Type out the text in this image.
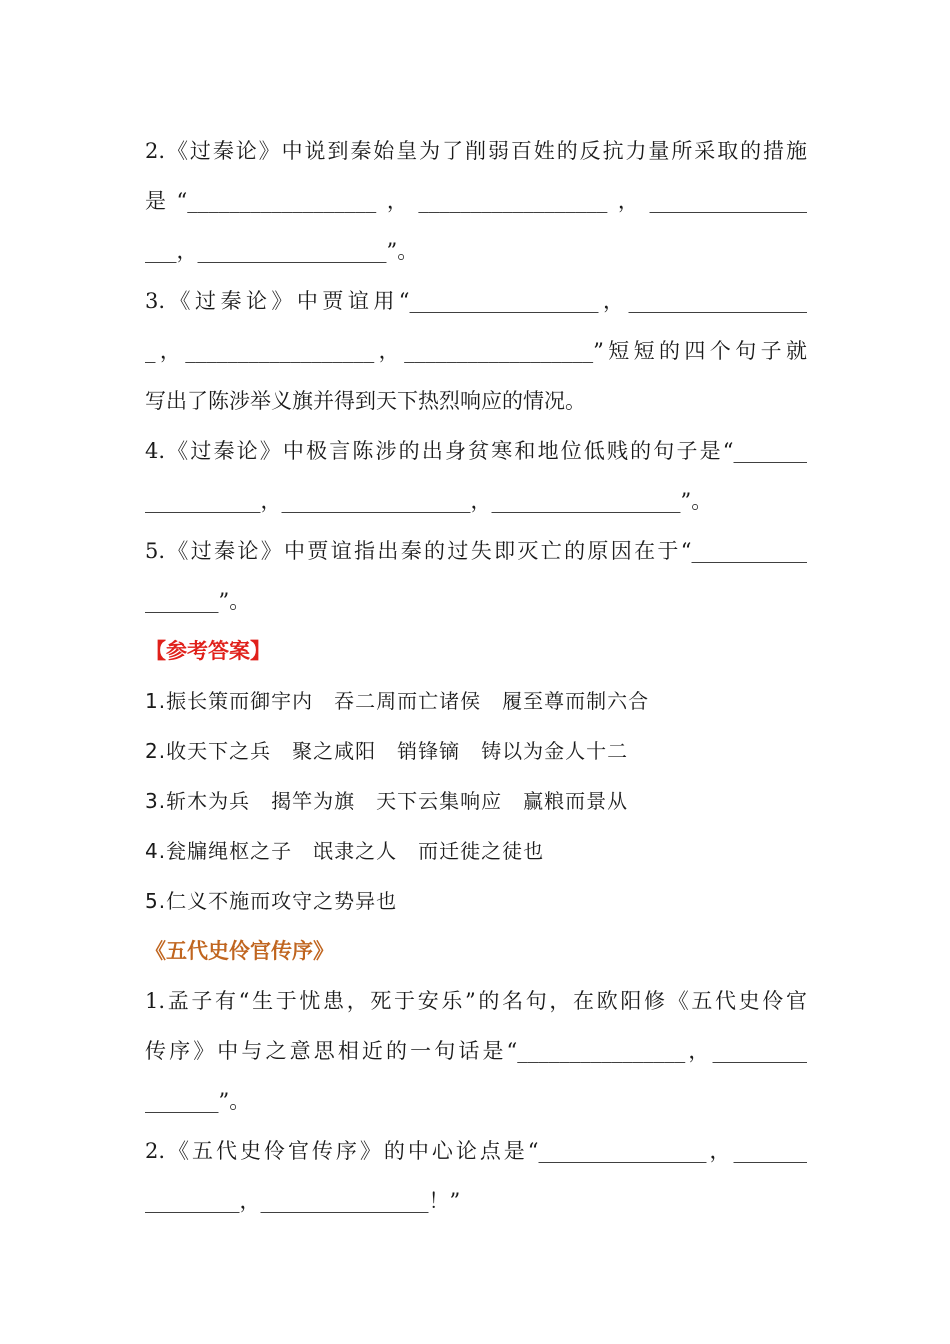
2.《过秦论》中说到秦始皇为了削弱百姓的反抗力量所采取的措施
是“__________________，__________________，_______________
___，__________________”。
3.《过秦论》中贾谊用“__________________，_________________
_，__________________，__________________”短短的四个句子就
写出了陈涉举义旗并得到天下热烈响应的情况。
4.《过秦论》中极言陈涉的出身贫寒和地位低贱的句子是“_______
___________，__________________，__________________”。
5.《过秦论》中贾谊指出秦的过失即灭亡的原因在于“___________
_______”。
【参考答案】
1.振长策而御宇内　吞二周而亡诸侯　履至尊而制六合
2.收天下之兵　聚之咸阳　销锋镝　铸以为金人十二
3.斩木为兵　揭竿为旗　天下云集响应　赢粮而景从
4.瓮牖绳枢之子　氓隶之人　而迁徙之徒也
5.仁义不施而攻守之势异也
《五代史伶官传序》
1.孟子有“生于忧患，死于安乐”的名句，在欧阳修《五代史伶官
传序》中与之意思相近的一句话是“________________，_________
_______”。
2.《五代史伶官传序》的中心论点是“________________，_______
_________，________________！”
